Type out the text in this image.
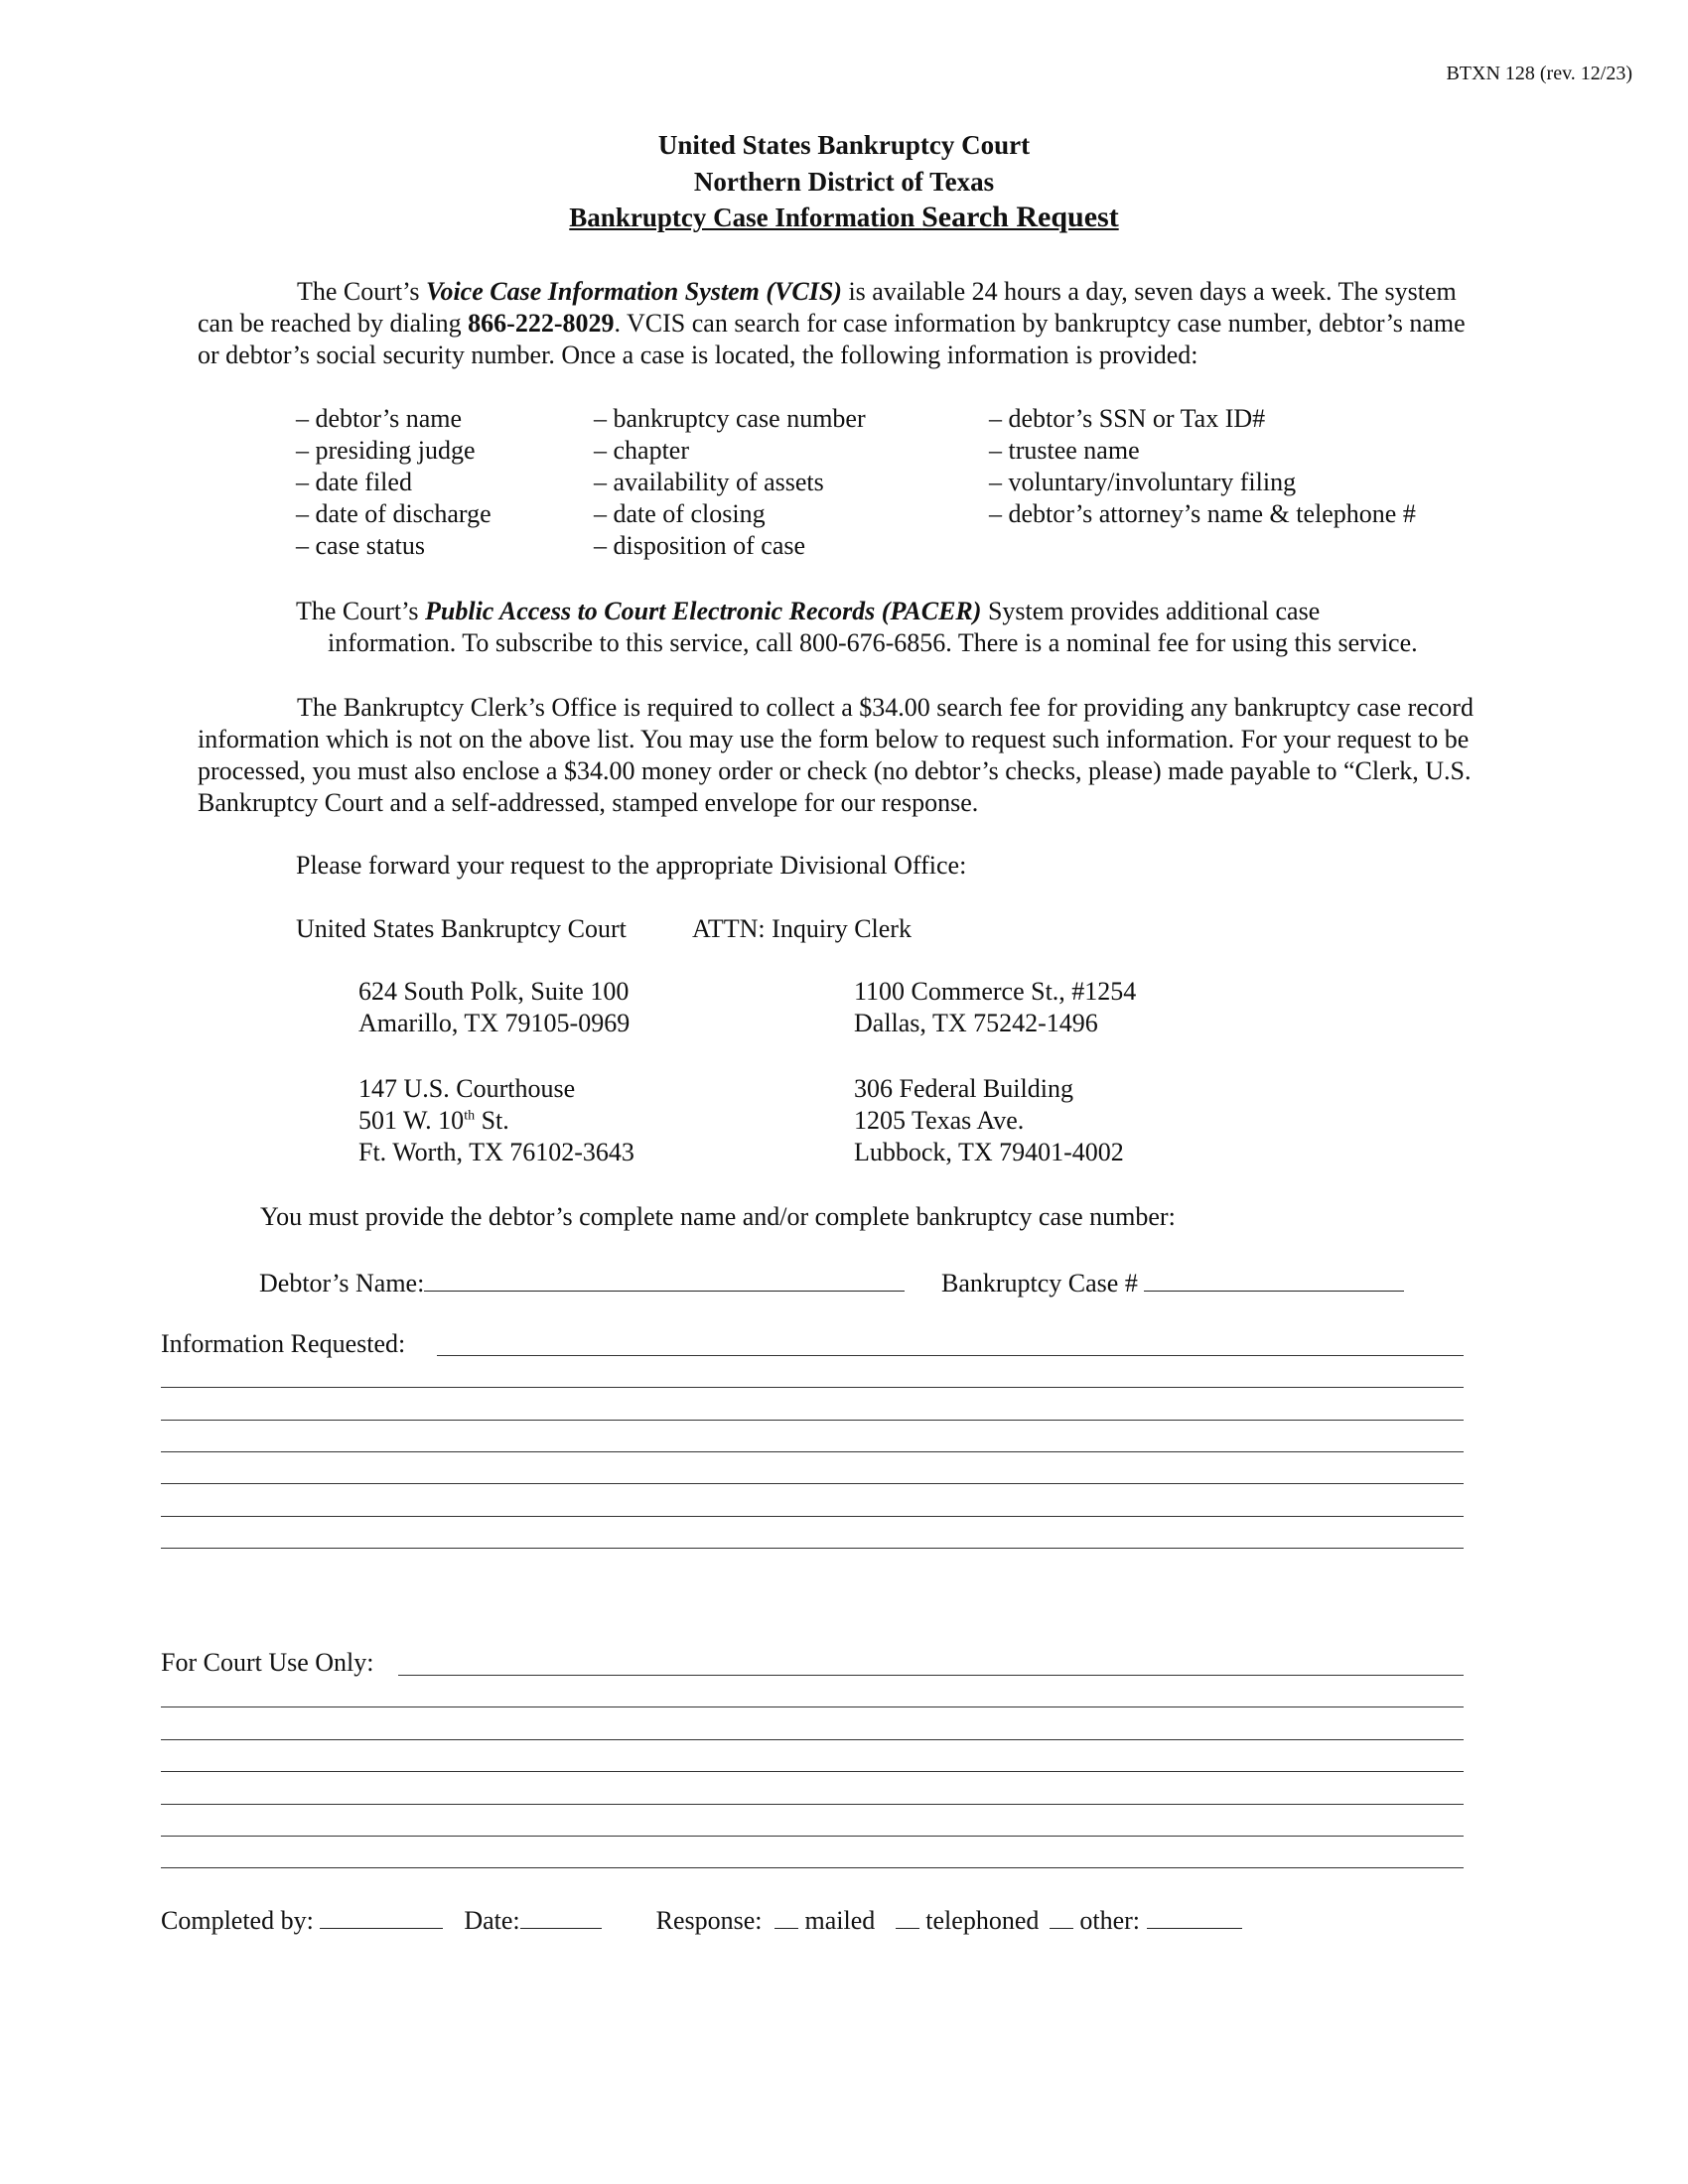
BTXN 128 (rev. 12/23)
United States Bankruptcy Court
Northern District of Texas
Bankruptcy Case Information Search Request
The Court’s Voice Case Information System (VCIS) is available 24 hours a day, seven days a week. The system can be reached by dialing 866-222-8029. VCIS can search for case information by bankruptcy case number, debtor’s name or debtor’s social security number. Once a case is located, the following information is provided:
– debtor’s name
– presiding judge
– date filed
– date of discharge
– case status
– bankruptcy case number
– chapter
– availability of assets
– date of closing
– disposition of case
– debtor’s SSN or Tax ID#
– trustee name
– voluntary/involuntary filing
– debtor’s attorney’s name & telephone #
The Court’s Public Access to Court Electronic Records (PACER) System provides additional case
information. To subscribe to this service, call 800-676-6856. There is a nominal fee for using this service.
The Bankruptcy Clerk’s Office is required to collect a $34.00 search fee for providing any bankruptcy case record information which is not on the above list. You may use the form below to request such information. For your request to be processed, you must also enclose a $34.00 money order or check (no debtor’s checks, please) made payable to “Clerk, U.S. Bankruptcy Court and a self-addressed, stamped envelope for our response.
Please forward your request to the appropriate Divisional Office:
United States Bankruptcy Court	ATTN: Inquiry Clerk
624 South Polk, Suite 100
Amarillo, TX 79105-0969
1100 Commerce St., #1254
Dallas, TX 75242-1496
147 U.S. Courthouse
501 W. 10th St.
Ft. Worth, TX 76102-3643
306 Federal Building
1205 Texas Ave.
Lubbock, TX 79401-4002
You must provide the debtor’s complete name and/or complete bankruptcy case number:
Debtor’s Name:	Bankruptcy Case #
Information Requested:
For Court Use Only:
Completed by:	Date:	Response: mailed telephoned other:
